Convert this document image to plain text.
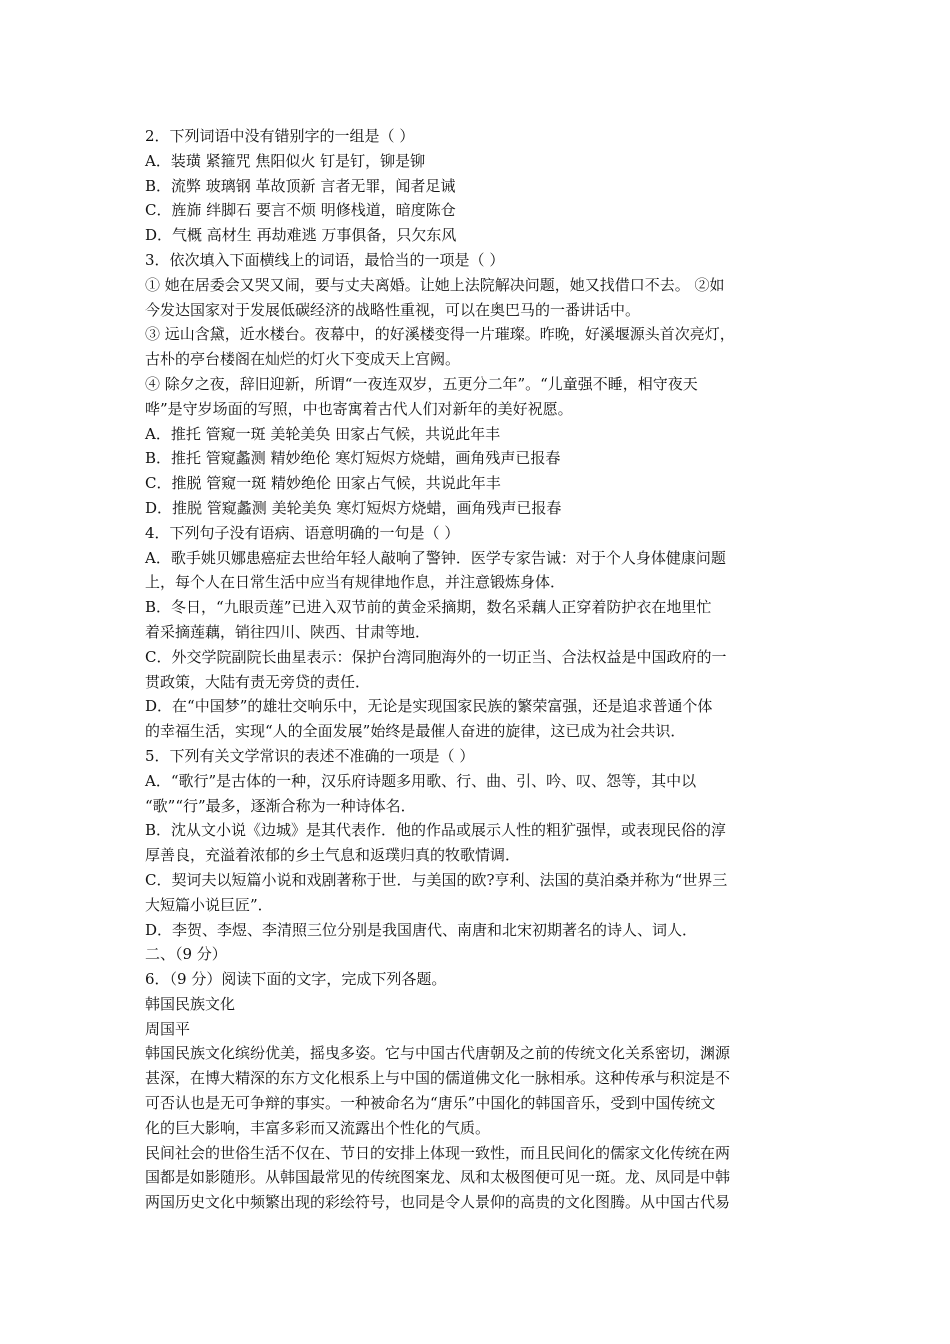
2．下列词语中没有错别字的一组是（ ）
A．装璜 紧箍咒 焦阳似火 钉是钉，铆是铆
B．流弊 玻璃钢 革故顶新 言者无罪，闻者足诫
C．旌旆 绊脚石 要言不烦 明修栈道，暗度陈仓
D．气概 高材生 再劫难逃 万事俱备，只欠东风
3．依次填入下面横线上的词语，最恰当的一项是（ ）
① 她在居委会又哭又闹，要与丈夫离婚。让她上法院解决问题，她又找借口不去。 ②如
今发达国家对于发展低碳经济的战略性重视，可以在奥巴马的一番讲话中。
③ 远山含黛，近水楼台。夜幕中，的好溪楼变得一片璀璨。昨晚，好溪堰源头首次亮灯，
古朴的亭台楼阁在灿烂的灯火下变成天上宫阙。
④ 除夕之夜，辞旧迎新，所谓“一夜连双岁，五更分二年”。“儿童强不睡，相守夜天
哗”是守岁场面的写照，中也寄寓着古代人们对新年的美好祝愿。
A．推托 管窥一斑 美轮美奂 田家占气候，共说此年丰
B．推托 管窥蠡测 精妙绝伦 寒灯短烬方烧蜡，画角残声已报春
C．推脱 管窥一斑 精妙绝伦 田家占气候，共说此年丰
D．推脱 管窥蠡测 美轮美奂 寒灯短烬方烧蜡，画角残声已报春
4．下列句子没有语病、语意明确的一句是（ ）
A．歌手姚贝娜患癌症去世给年轻人敲响了警钟．医学专家告诫：对于个人身体健康问题
上，每个人在日常生活中应当有规律地作息，并注意锻炼身体．
B．冬日，“九眼贡莲”已进入双节前的黄金采摘期，数名采藕人正穿着防护衣在地里忙
着采摘莲藕，销往四川、陕西、甘肃等地．
C．外交学院副院长曲星表示：保护台湾同胞海外的一切正当、合法权益是中国政府的一
贯政策，大陆有责无旁贷的责任．
D．在“中国梦”的雄壮交响乐中，无论是实现国家民族的繁荣富强，还是追求普通个体
的幸福生活，实现“人的全面发展”始终是最催人奋进的旋律，这已成为社会共识．
5．下列有关文学常识的表述不准确的一项是（ ）
A．“歌行”是古体的一种，汉乐府诗题多用歌、行、曲、引、吟、叹、怨等，其中以
“歌”“行”最多，逐渐合称为一种诗体名．
B．沈从文小说《边城》是其代表作．他的作品或展示人性的粗犷强悍，或表现民俗的淳
厚善良，充溢着浓郁的乡土气息和返璞归真的牧歌情调．
C．契诃夫以短篇小说和戏剧著称于世．与美国的欧?亨利、法国的莫泊桑并称为“世界三
大短篇小说巨匠”．
D．李贺、李煜、李清照三位分别是我国唐代、南唐和北宋初期著名的诗人、词人．
二、（9 分）
6．（9 分）阅读下面的文字，完成下列各题。
韩国民族文化
周国平
韩国民族文化缤纷优美，摇曳多姿。它与中国古代唐朝及之前的传统文化关系密切，渊源
甚深，在博大精深的东方文化根系上与中国的儒道佛文化一脉相承。这种传承与积淀是不
可否认也是无可争辩的事实。一种被命名为“唐乐”中国化的韩国音乐，受到中国传统文
化的巨大影响，丰富多彩而又流露出个性化的气质。
民间社会的世俗生活不仅在、节日的安排上体现一致性，而且民间化的儒家文化传统在两
国都是如影随形。从韩国最常见的传统图案龙、凤和太极图便可见一斑。龙、凤同是中韩
两国历史文化中频繁出现的彩绘符号，也同是令人景仰的高贵的文化图腾。从中国古代易
